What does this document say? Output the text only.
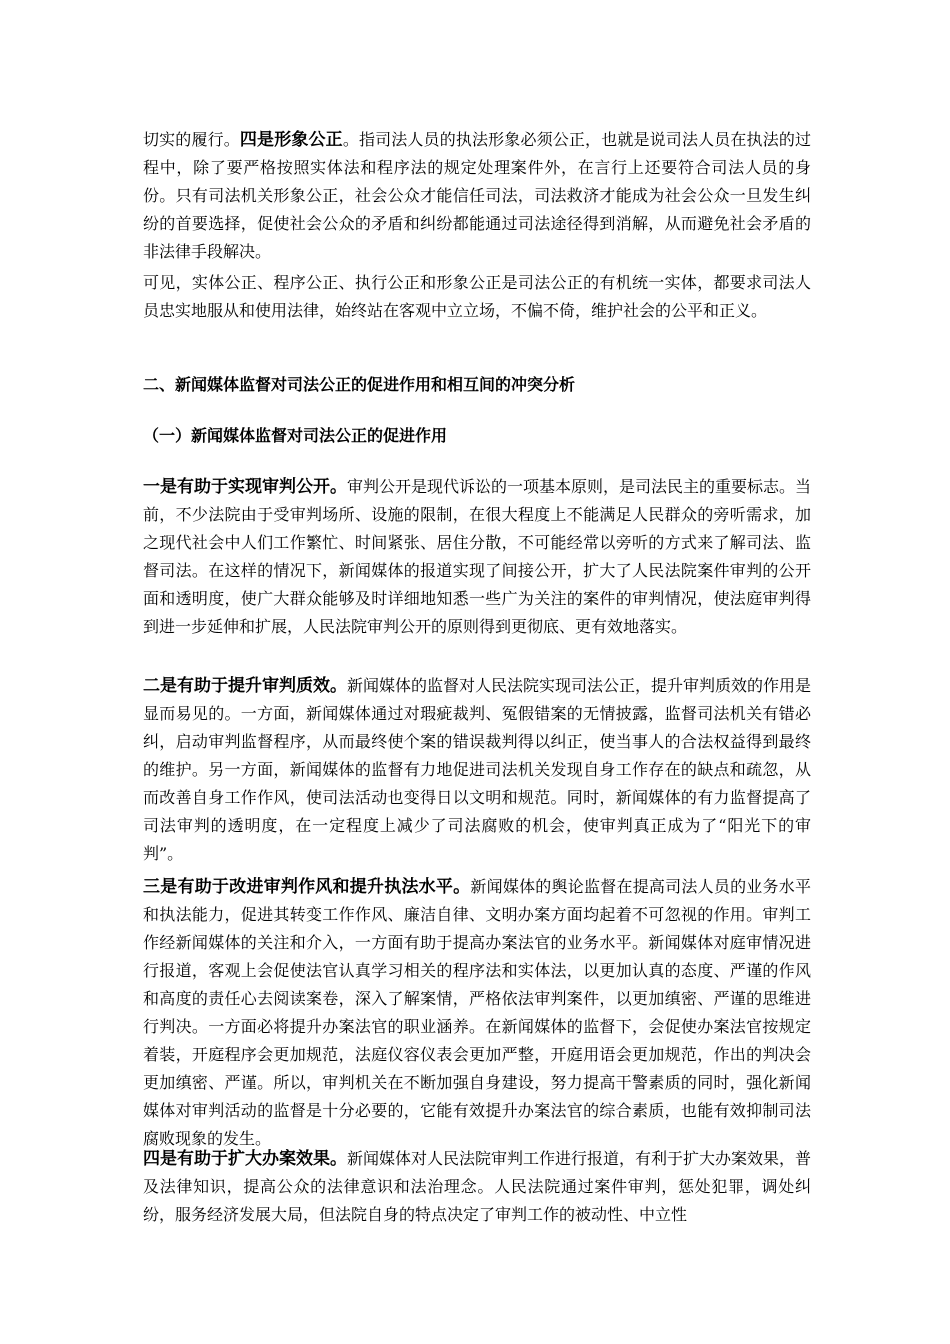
切实的履行。四是形象公正。指司法人员的执法形象必须公正，也就是说司法人员在执法的过程中，除了要严格按照实体法和程序法的规定处理案件外，在言行上还要符合司法人员的身份。只有司法机关形象公正，社会公众才能信任司法，司法救济才能成为社会公众一旦发生纠纷的首要选择，促使社会公众的矛盾和纠纷都能通过司法途径得到消解，从而避免社会矛盾的非法律手段解决。

可见，实体公正、程序公正、执行公正和形象公正是司法公正的有机统一实体，都要求司法人员忠实地服从和使用法律，始终站在客观中立立场，不偏不倚，维护社会的公平和正义。

二、新闻媒体监督对司法公正的促进作用和相互间的冲突分析
（一）新闻媒体监督对司法公正的促进作用

一是有助于实现审判公开。审判公开是现代诉讼的一项基本原则，是司法民主的重要标志。当前，不少法院由于受审判场所、设施的限制，在很大程度上不能满足人民群众的旁听需求，加之现代社会中人们工作繁忙、时间紧张、居住分散，不可能经常以旁听的方式来了解司法、监督司法。在这样的情况下，新闻媒体的报道实现了间接公开，扩大了人民法院案件审判的公开面和透明度，使广大群众能够及时详细地知悉一些广为关注的案件的审判情况，使法庭审判得到进一步延伸和扩展，人民法院审判公开的原则得到更彻底、更有效地落实。

二是有助于提升审判质效。新闻媒体的监督对人民法院实现司法公正，提升审判质效的作用是显而易见的。一方面，新闻媒体通过对瑕疵裁判、冤假错案的无情披露，监督司法机关有错必纠，启动审判监督程序，从而最终使个案的错误裁判得以纠正，使当事人的合法权益得到最终的维护。另一方面，新闻媒体的监督有力地促进司法机关发现自身工作存在的缺点和疏忽，从而改善自身工作作风，使司法活动也变得日以文明和规范。同时，新闻媒体的有力监督提高了司法审判的透明度，在一定程度上减少了司法腐败的机会，使审判真正成为了“阳光下的审判”。

三是有助于改进审判作风和提升执法水平。新闻媒体的舆论监督在提高司法人员的业务水平和执法能力，促进其转变工作作风、廉洁自律、文明办案方面均起着不可忽视的作用。审判工作经新闻媒体的关注和介入，一方面有助于提高办案法官的业务水平。新闻媒体对庭审情况进行报道，客观上会促使法官认真学习相关的程序法和实体法，以更加认真的态度、严谨的作风和高度的责任心去阅读案卷，深入了解案情，严格依法审判案件，以更加缜密、严谨的思维进行判决。一方面必将提升办案法官的职业涵养。在新闻媒体的监督下，会促使办案法官按规定着装，开庭程序会更加规范，法庭仪容仪表会更加严整，开庭用语会更加规范，作出的判决会更加缜密、严谨。所以，审判机关在不断加强自身建设，努力提高干警素质的同时，强化新闻媒体对审判活动的监督是十分必要的，它能有效提升办案法官的综合素质，也能有效抑制司法腐败现象的发生。

四是有助于扩大办案效果。新闻媒体对人民法院审判工作进行报道，有利于扩大办案效果，普及法律知识，提高公众的法律意识和法治理念。人民法院通过案件审判，惩处犯罪，调处纠纷，服务经济发展大局，但法院自身的特点决定了审判工作的被动性、中立性
